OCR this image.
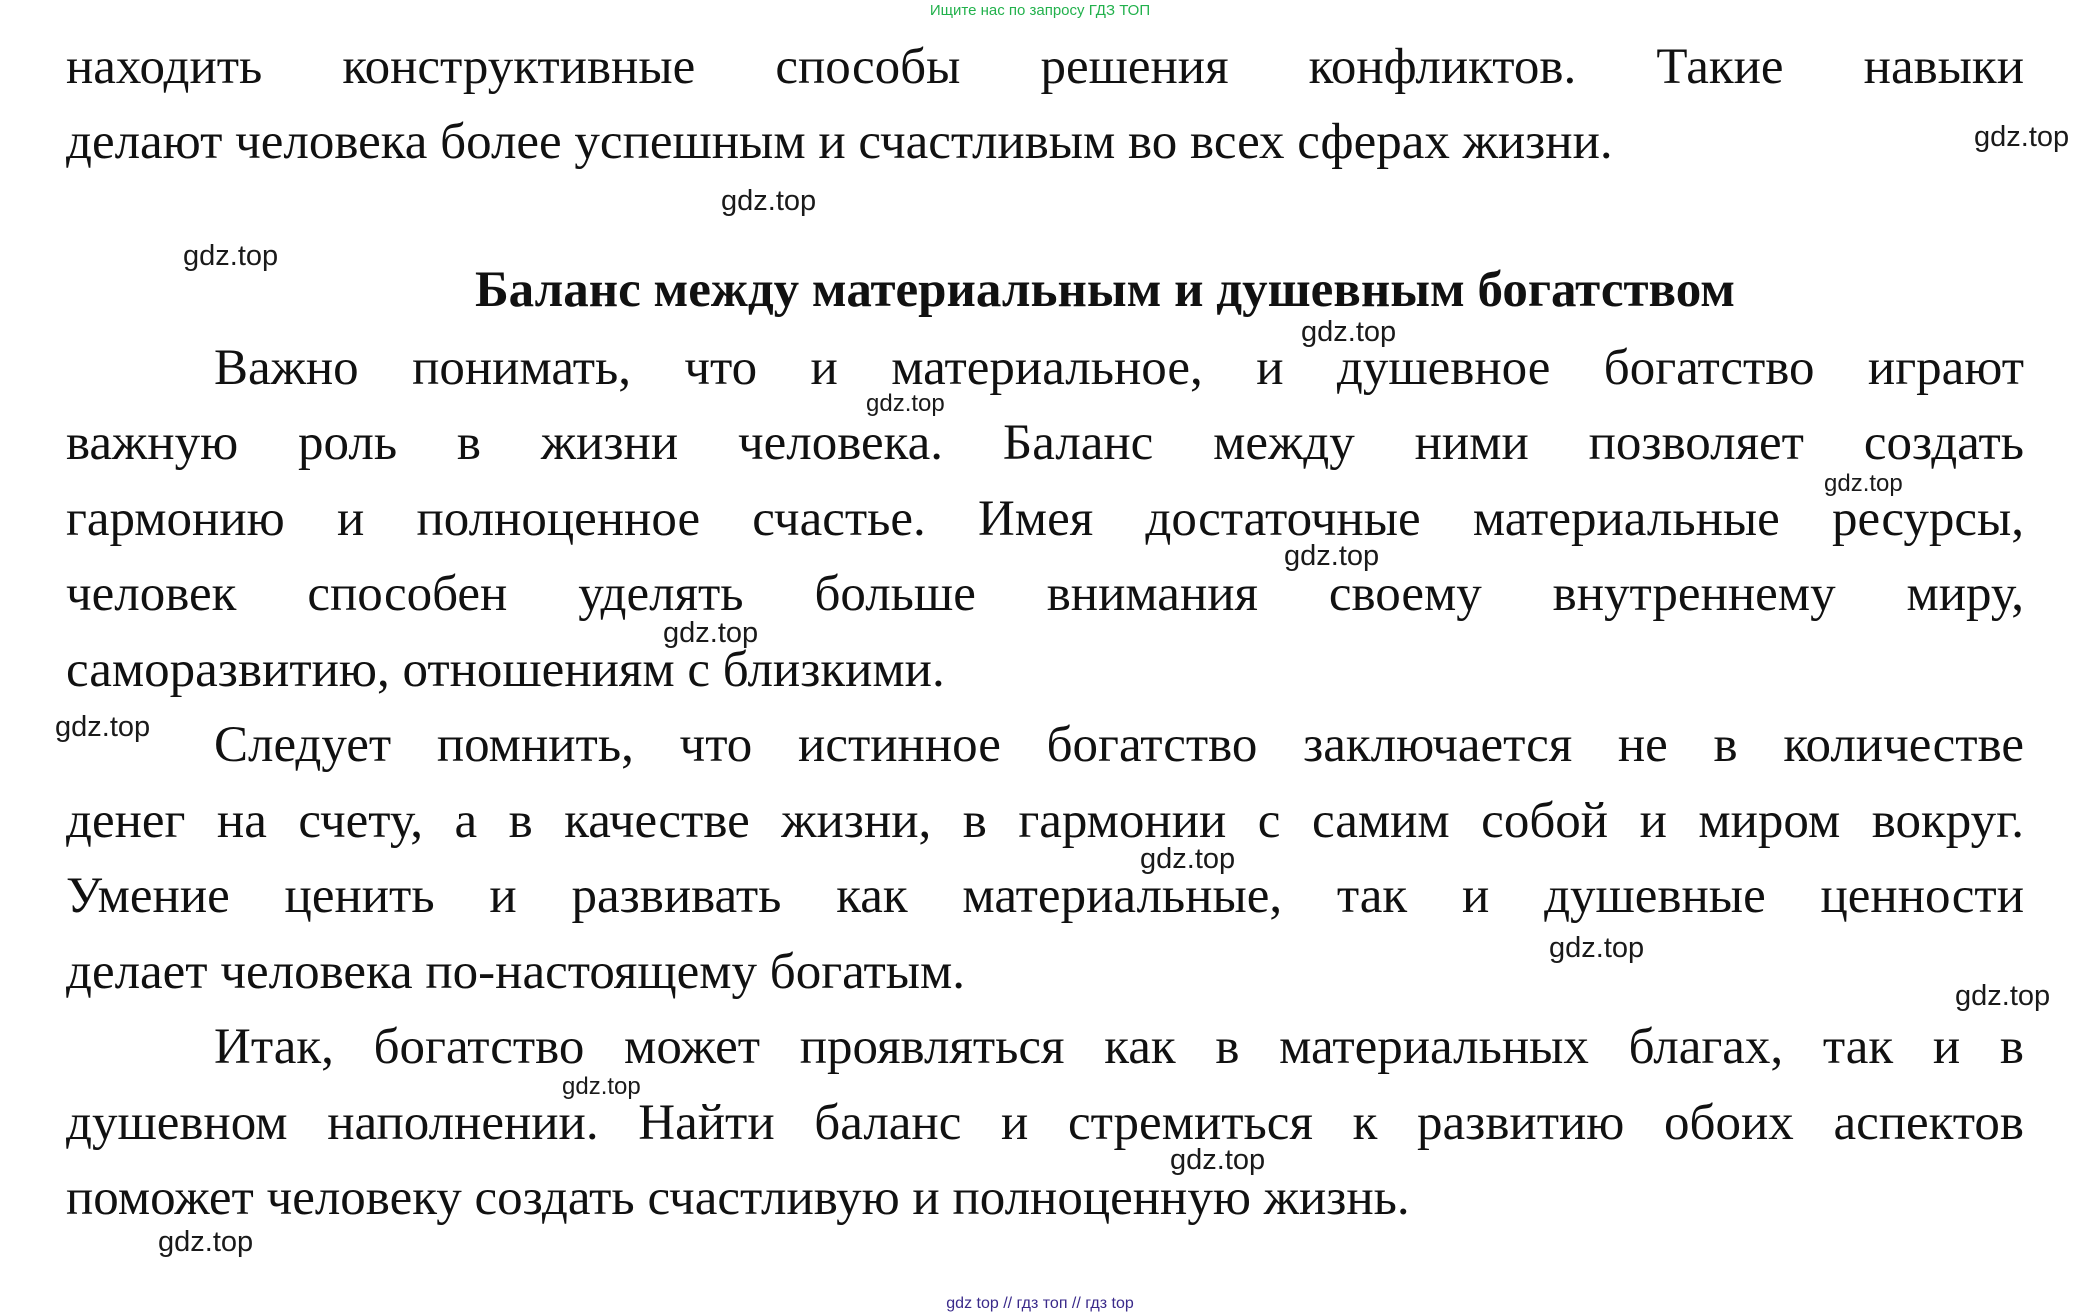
Ищите нас по запросу ГДЗ ТОП
находить конструктивные способы решения конфликтов. Такие навыки
делают человека более успешным и счастливым во всех сферах жизни.
Баланс между материальным и душевным богатством
Важно понимать, что и материальное, и душевное богатство играют
важную роль в жизни человека. Баланс между ними позволяет создать
гармонию и полноценное счастье. Имея достаточные материальные ресурсы,
человек способен уделять больше внимания своему внутреннему миру,
саморазвитию, отношениям с близкими.
Следует помнить, что истинное богатство заключается не в количестве
денег на счету, а в качестве жизни, в гармонии с самим собой и миром вокруг.
Умение ценить и развивать как материальные, так и душевные ценности
делает человека по-настоящему богатым.
Итак, богатство может проявляться как в материальных благах, так и в
душевном наполнении. Найти баланс и стремиться к развитию обоих аспектов
поможет человеку создать счастливую и полноценную жизнь.
gdz.top
gdz.top
gdz.top
gdz.top
gdz.top
gdz.top
gdz.top
gdz.top
gdz.top
gdz.top
gdz.top
gdz.top
gdz.top
gdz.top
gdz.top
gdz top // гдз топ // гдз top
